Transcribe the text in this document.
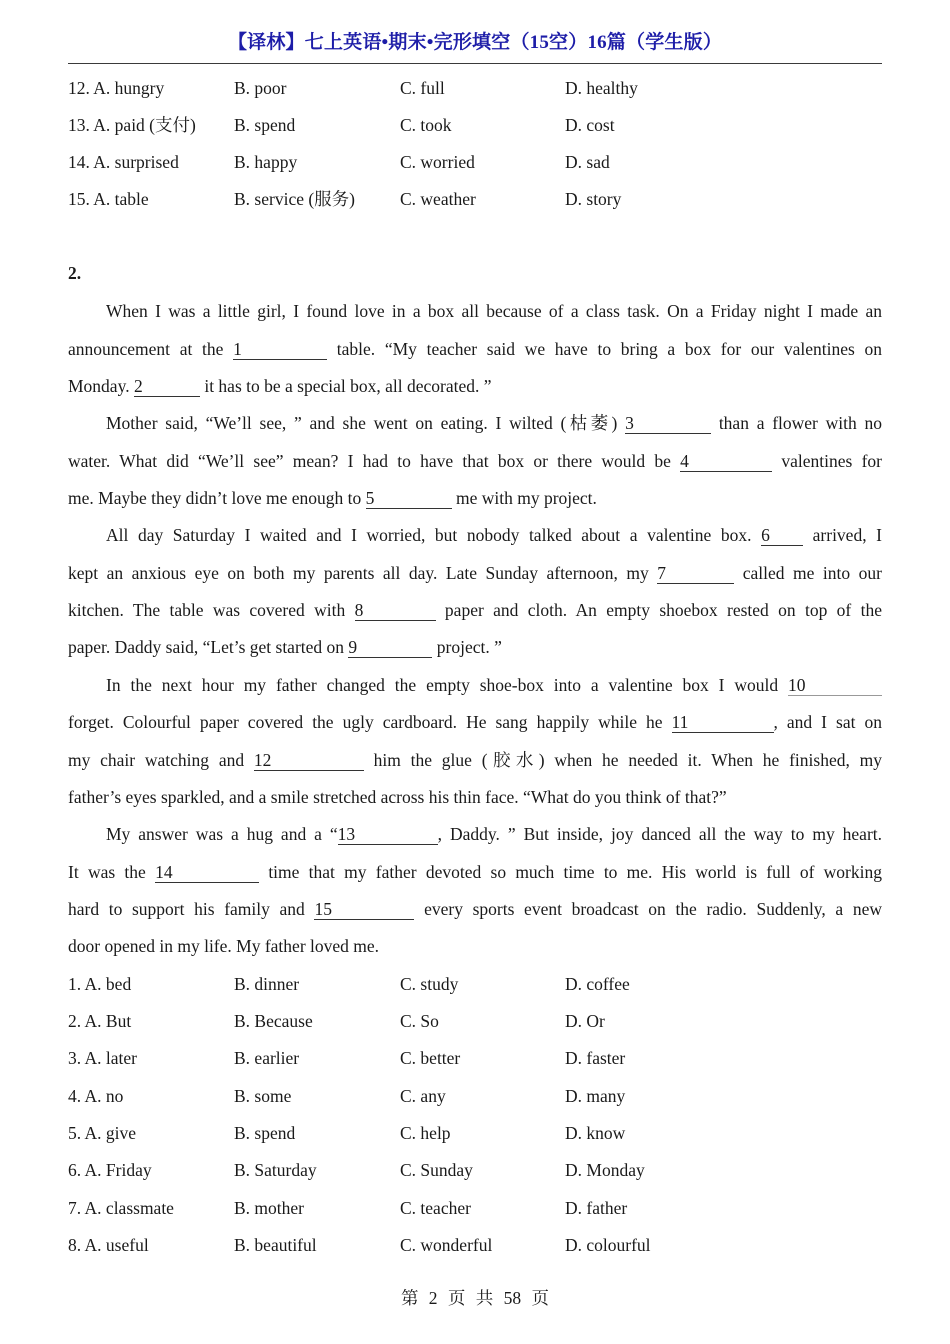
【译林】七上英语•期末•完形填空（15空）16篇（学生版）
12. A. hungry	B. poor	C. full	D. healthy
13. A. paid (支付) B. spend	C. took	D. cost
14. A. surprised	B. happy	C. worried	D. sad
15. A. table	B. service (服务)	C. weather	D. story
2.
When I was a little girl, I found love in a box all because of a class task. On a Friday night I made an
announcement at the 1	table. “My teacher said we have to bring a box for our valentines on
Monday. 2	it has to be a special box, all decorated. ”
Mother said, “We’ll see, ” and she went on eating. I wilted (枯萎) 3	than a flower with no
water. What did “We’ll see” mean? I had to have that box or there would be 4	valentines for
me. Maybe they didn’t love me enough to 5	me with my project.
All day Saturday I waited and I worried, but nobody talked about a valentine box. 6 arrived, I
kept an anxious eye on both my parents all day. Late Sunday afternoon, my 7	called me into our
kitchen. The table was covered with 8	paper and cloth. An empty shoebox rested on top of the
paper. Daddy said, “Let’s get started on 9	project. ”
In the next hour my father changed the empty shoe-box into a valentine box I would 10
forget. Colourful paper covered the ugly cardboard. He sang happily while he 11	, and I sat on
my chair watching and 12	him the glue (胶水) when he needed it. When he finished, my
father’s eyes sparkled, and a smile stretched across his thin face. “What do you think of that?”
My answer was a hug and a “13	, Daddy. ” But inside, joy danced all the way to my heart.
It was the 14	time that my father devoted so much time to me. His world is full of working
hard to support his family and 15	every sports event broadcast on the radio. Suddenly, a new
door opened in my life. My father loved me.
1. A. bed	B. dinner	C. study	D. coffee
2. A. But	B. Because	C. So	D. Or
3. A. later	B. earlier	C. better	D. faster
4. A. no	B. some	C. any	D. many
5. A. give	B. spend	C. help	D. know
6. A. Friday	B. Saturday	C. Sunday	D. Monday
7. A. classmate	B. mother	C. teacher	D. father
8. A. useful	B. beautiful	C. wonderful	D. colourful
第 2 页 共 58 页
